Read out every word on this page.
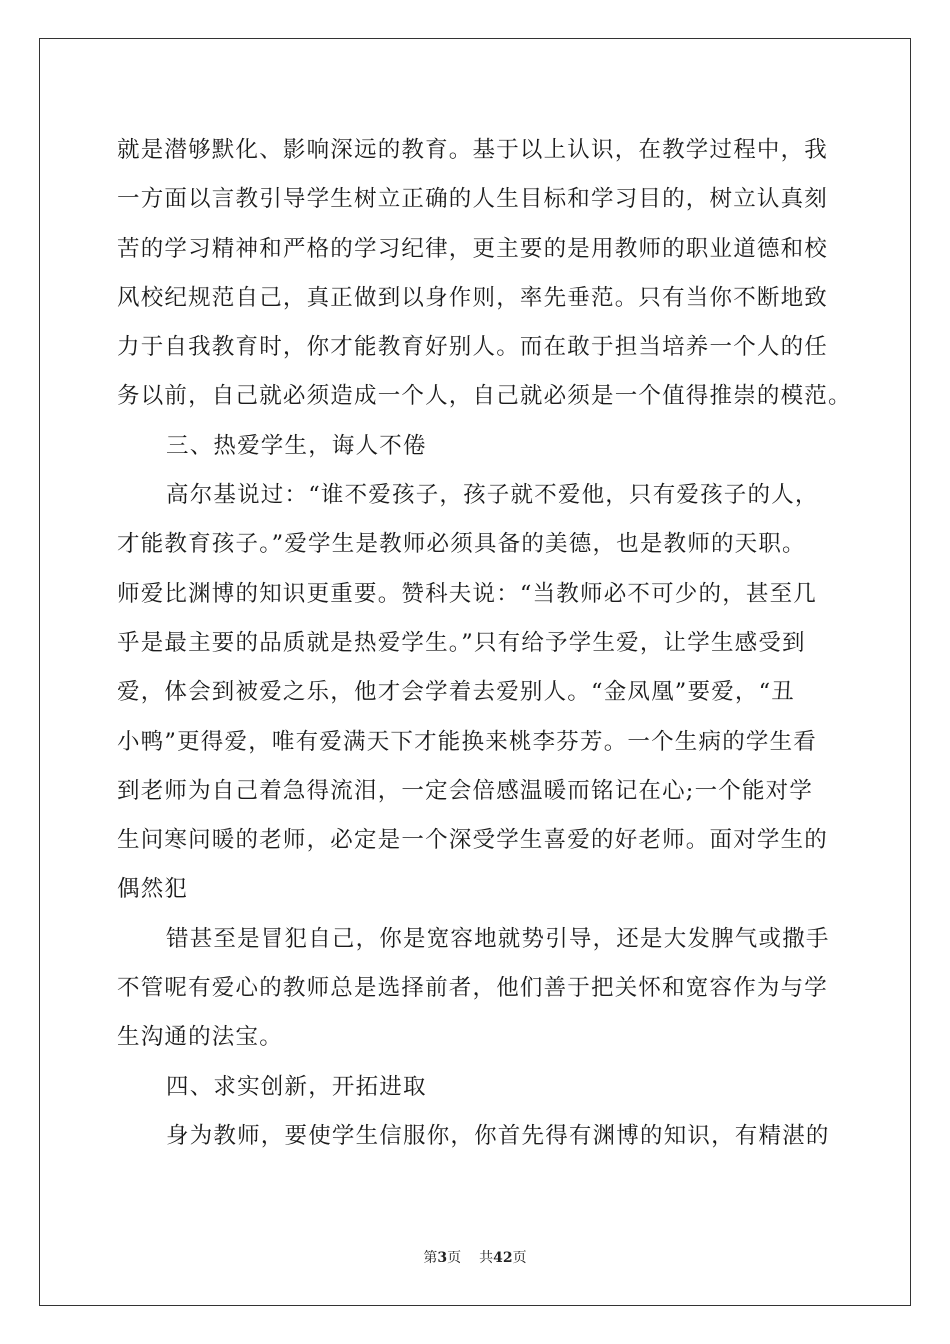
就是潜够默化、影响深远的教育。基于以上认识，在教学过程中，我
一方面以言教引导学生树立正确的人生目标和学习目的，树立认真刻
苦的学习精神和严格的学习纪律，更主要的是用教师的职业道德和校
风校纪规范自己，真正做到以身作则，率先垂范。只有当你不断地致
力于自我教育时，你才能教育好别人。而在敢于担当培养一个人的任
务以前，自己就必须造成一个人，自己就必须是一个值得推崇的模范。
三、热爱学生，诲人不倦
高尔基说过：“谁不爱孩子，孩子就不爱他，只有爱孩子的人，
才能教育孩子。”爱学生是教师必须具备的美德，也是教师的天职。
师爱比渊博的知识更重要。赞科夫说：“当教师必不可少的，甚至几
乎是最主要的品质就是热爱学生。”只有给予学生爱，让学生感受到
爱，体会到被爱之乐，他才会学着去爱别人。“金凤凰”要爱，“丑
小鸭”更得爱，唯有爱满天下才能换来桃李芬芳。一个生病的学生看
到老师为自己着急得流泪，一定会倍感温暖而铭记在心;一个能对学
生问寒问暖的老师，必定是一个深受学生喜爱的好老师。面对学生的
偶然犯
错甚至是冒犯自己，你是宽容地就势引导，还是大发脾气或撒手
不管呢有爱心的教师总是选择前者，他们善于把关怀和宽容作为与学
生沟通的法宝。
四、求实创新，开拓进取
身为教师，要使学生信服你，你首先得有渊博的知识，有精湛的
第3页 共42页
